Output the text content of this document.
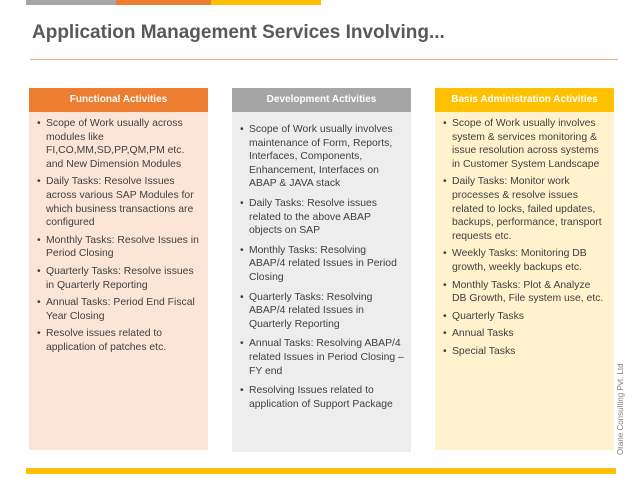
Application Management Services Involving...
Functional Activities
• Scope of Work usually across modules like FI,CO,MM,SD,PP,QM,PM etc. and New Dimension Modules
• Daily Tasks: Resolve Issues across various SAP Modules for which business transactions are configured
• Monthly Tasks: Resolve Issues in Period Closing
• Quarterly Tasks: Resolve issues in Quarterly Reporting
• Annual Tasks: Period End Fiscal Year Closing
• Resolve issues related to application of patches etc.
Development Activities
• Scope of Work usually involves maintenance of Form, Reports, Interfaces, Components, Enhancement, Interfaces on ABAP & JAVA stack
• Daily Tasks: Resolve issues related to the above ABAP objects on SAP
• Monthly Tasks: Resolving ABAP/4 related Issues in Period Closing
• Quarterly Tasks: Resolving ABAP/4 related Issues in Quarterly Reporting
• Annual Tasks: Resolving ABAP/4 related Issues in Period Closing –FY end
• Resolving Issues related to application of Support Package
Basis Administration Activities
• Scope of Work usually involves system & services monitoring & issue resolution across systems in Customer System Landscape
• Daily Tasks: Monitor work processes & resolve issues related to locks, failed updates, backups, performance, transport requests etc.
• Weekly Tasks: Monitoring DB growth, weekly backups etc.
• Monthly Tasks: Plot & Analyze DB Growth, File system use, etc.
• Quarterly Tasks
• Annual Tasks
• Special Tasks
Orane Consulting Pvt. Ltd
